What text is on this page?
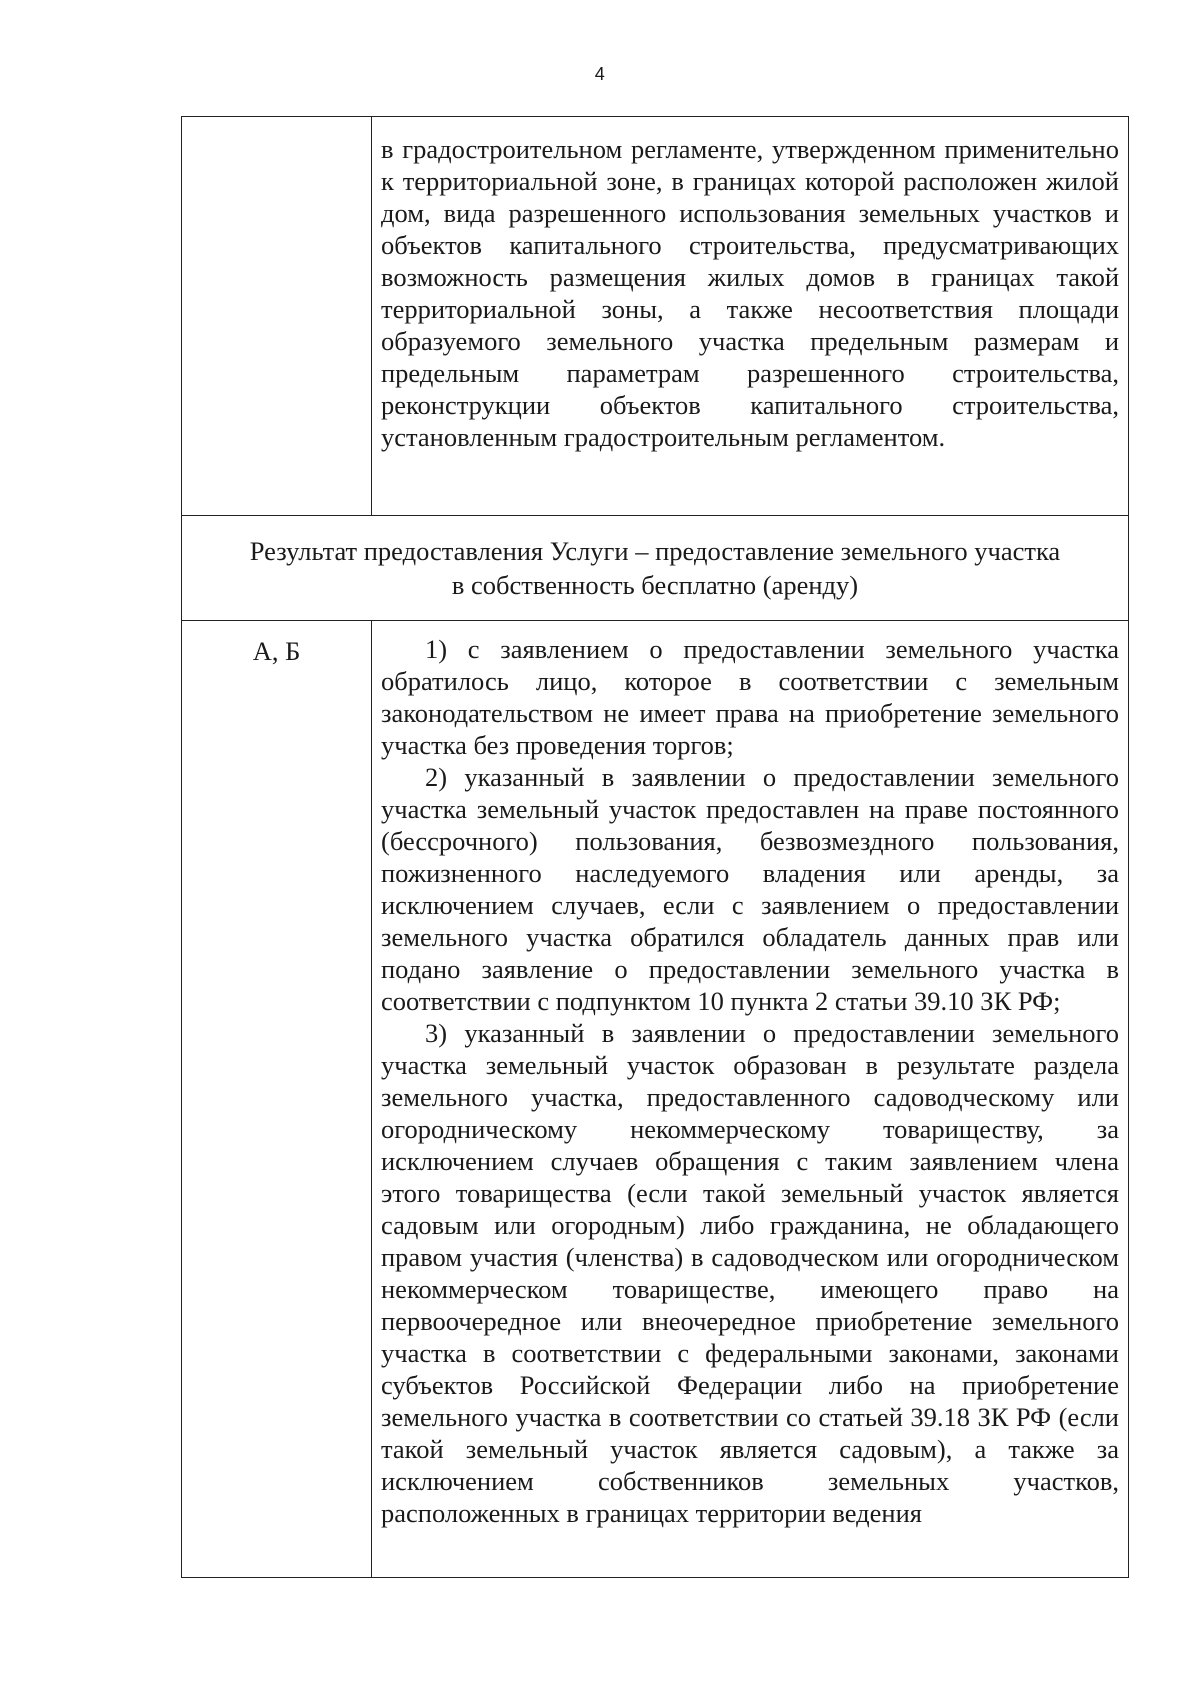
4

	в градостроительном регламенте, утвержденном применительно к территориальной зоне, в границах которой расположен жилой дом, вида разрешенного использования земельных участков и объектов капитального строительства, предусматривающих возможность размещения жилых домов в границах такой территориальной зоны, а также несоответствия площади образуемого земельного участка предельным размерам и предельным параметрам разрешенного строительства, реконструкции объектов капитального строительства, установленным градостроительным регламентом.

Результат предоставления Услуги – предоставление земельного участка
в собственность бесплатно (аренду)	

А, Б	1) с заявлением о предоставлении земельного участка обратилось лицо, которое в соответствии с земельным законодательством не имеет права на приобретение земельного участка без проведения торгов;

2) указанный в заявлении о предоставлении земельного участка земельный участок предоставлен на праве постоянного (бессрочного) пользования, безвозмездного пользования, пожизненного наследуемого владения или аренды, за исключением случаев, если с заявлением о предоставлении земельного участка обратился обладатель данных прав или подано заявление о предоставлении земельного участка в соответствии с подпунктом 10 пункта 2 статьи 39.10 ЗК РФ;

3) указанный в заявлении о предоставлении земельного участка земельный участок образован в результате раздела земельного участка, предоставленного садоводческому или огородническому некоммерческому товариществу, за исключением случаев обращения с таким заявлением члена этого товарищества (если такой земельный участок является садовым или огородным) либо гражданина, не обладающего правом участия (членства) в садоводческом или огородническом некоммерческом товариществе, имеющего право на первоочередное или внеочередное приобретение земельного участка в соответствии с федеральными законами, законами субъектов Российской Федерации либо на приобретение земельного участка в соответствии со статьей 39.18 ЗК РФ (если такой земельный участок является садовым), а также за исключением собственников земельных участков, расположенных в границах территории ведения
